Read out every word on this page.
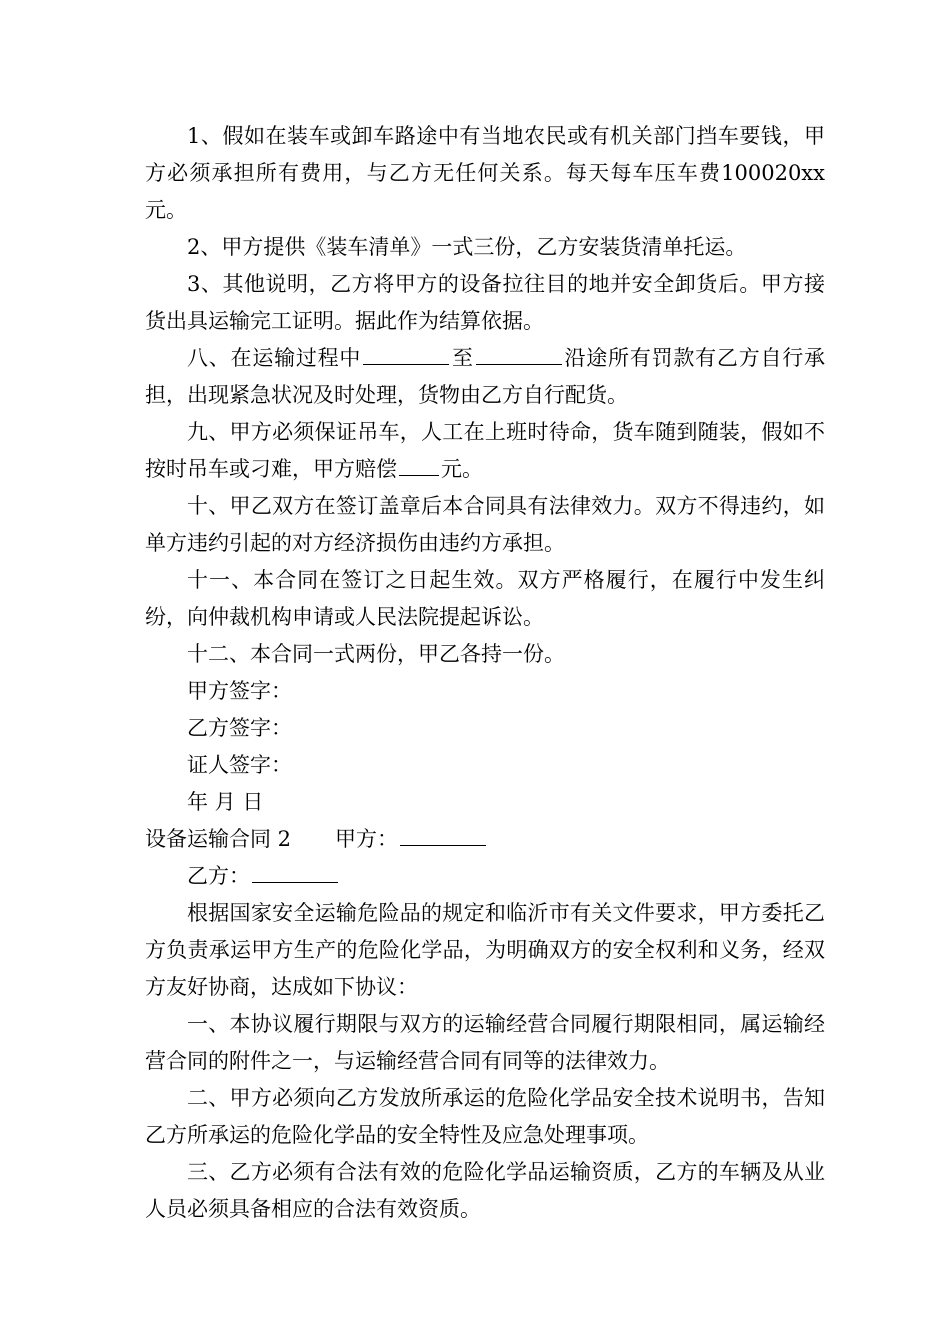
1、假如在装车或卸车路途中有当地农民或有机关部门挡车要钱，甲方必须承担所有费用，与乙方无任何关系。每天每车压车费100020xx元。

2、甲方提供《装车清单》一式三份，乙方安装货清单托运。

3、其他说明，乙方将甲方的设备拉往目的地并安全卸货后。甲方接货出具运输完工证明。据此作为结算依据。

八、在运输过程中	至	沿途所有罚款有乙方自行承担，出现紧急状况及时处理，货物由乙方自行配货。

九、甲方必须保证吊车，人工在上班时待命，货车随到随装，假如不按时吊车或刁难，甲方赔偿 元。

十、甲乙双方在签订盖章后本合同具有法律效力。双方不得违约，如单方违约引起的对方经济损伤由违约方承担。

十一、本合同在签订之日起生效。双方严格履行，在履行中发生纠纷，向仲裁机构申请或人民法院提起诉讼。

十二、本合同一式两份，甲乙各持一份。

甲方签字：

乙方签字：

证人签字：

年 月 日

设备运输合同 2 甲方：

乙方：

根据国家安全运输危险品的规定和临沂市有关文件要求，甲方委托乙方负责承运甲方生产的危险化学品，为明确双方的安全权利和义务，经双方友好协商，达成如下协议：

一、本协议履行期限与双方的运输经营合同履行期限相同，属运输经营合同的附件之一，与运输经营合同有同等的法律效力。

二、甲方必须向乙方发放所承运的危险化学品安全技术说明书，告知乙方所承运的危险化学品的安全特性及应急处理事项。

三、乙方必须有合法有效的危险化学品运输资质，乙方的车辆及从业人员必须具备相应的合法有效资质。
